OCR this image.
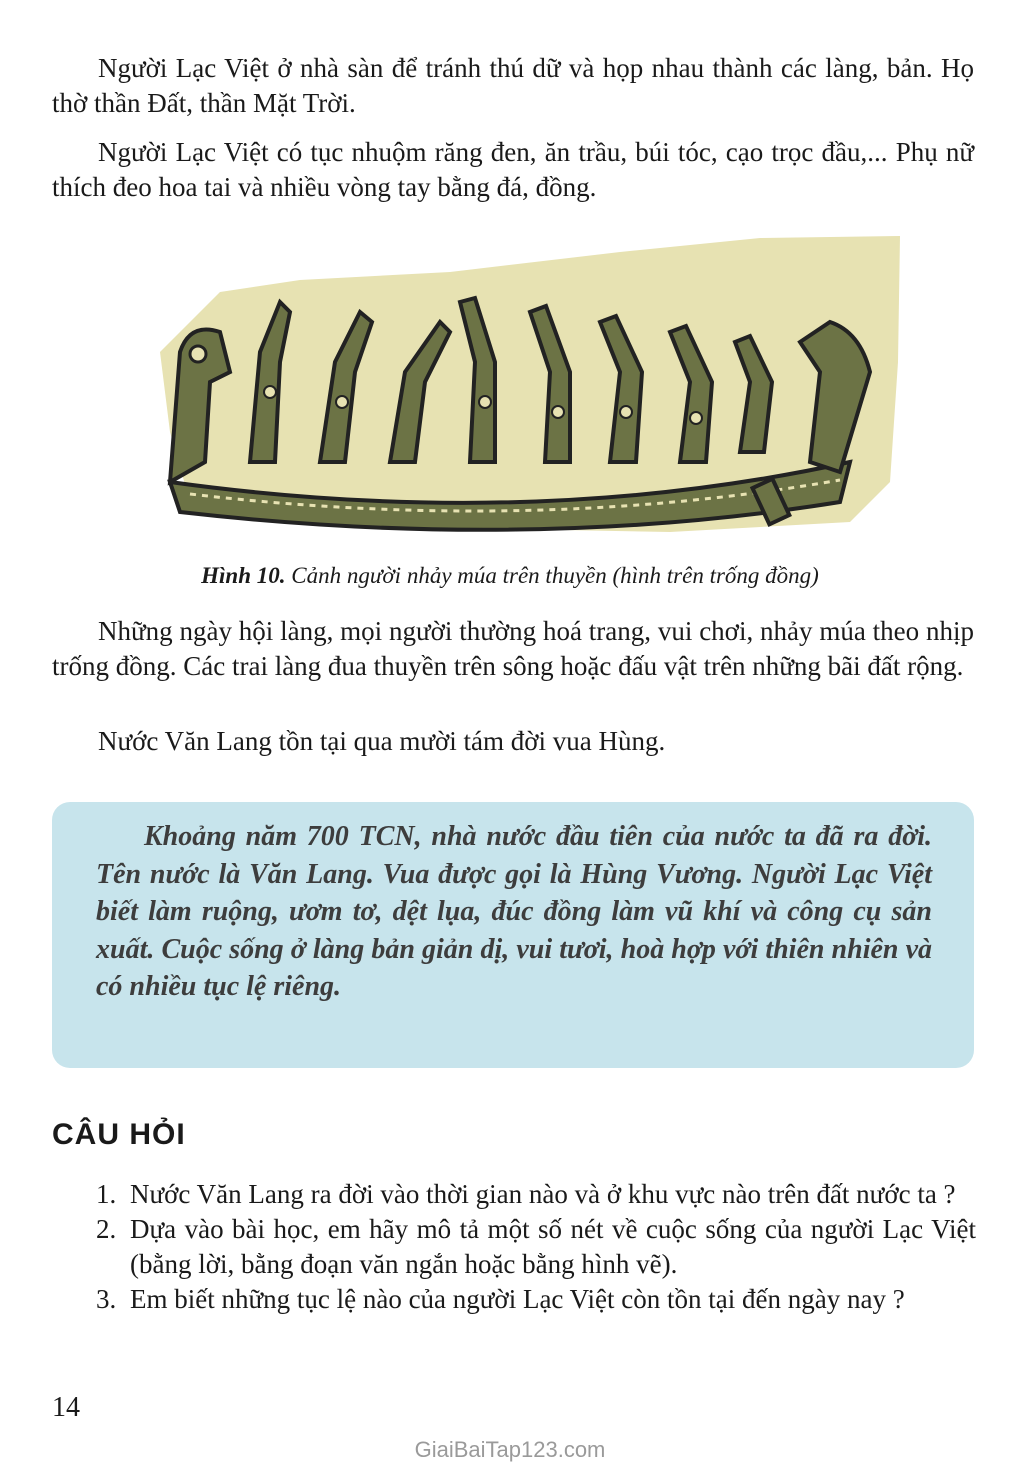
Người Lạc Việt ở nhà sàn để tránh thú dữ và họp nhau thành các làng, bản. Họ thờ thần Đất, thần Mặt Trời.

Người Lạc Việt có tục nhuộm răng đen, ăn trầu, búi tóc, cạo trọc đầu,... Phụ nữ thích đeo hoa tai và nhiều vòng tay bằng đá, đồng.

Hình 10. Cảnh người nhảy múa trên thuyền (hình trên trống đồng)

Những ngày hội làng, mọi người thường hoá trang, vui chơi, nhảy múa theo nhịp trống đồng. Các trai làng đua thuyền trên sông hoặc đấu vật trên những bãi đất rộng.

Nước Văn Lang tồn tại qua mười tám đời vua Hùng.

Khoảng năm 700 TCN, nhà nước đầu tiên của nước ta đã ra đời. Tên nước là Văn Lang. Vua được gọi là Hùng Vương. Người Lạc Việt biết làm ruộng, ươm tơ, dệt lụa, đúc đồng làm vũ khí và công cụ sản xuất. Cuộc sống ở làng bản giản dị, vui tươi, hoà hợp với thiên nhiên và có nhiều tục lệ riêng.

CÂU HỎI
1. Nước Văn Lang ra đời vào thời gian nào và ở khu vực nào trên đất nước ta ?
2. Dựa vào bài học, em hãy mô tả một số nét về cuộc sống của người Lạc Việt (bằng lời, bằng đoạn văn ngắn hoặc bằng hình vẽ).
3. Em biết những tục lệ nào của người Lạc Việt còn tồn tại đến ngày nay ?
14
GiaiBaiTap123.com
